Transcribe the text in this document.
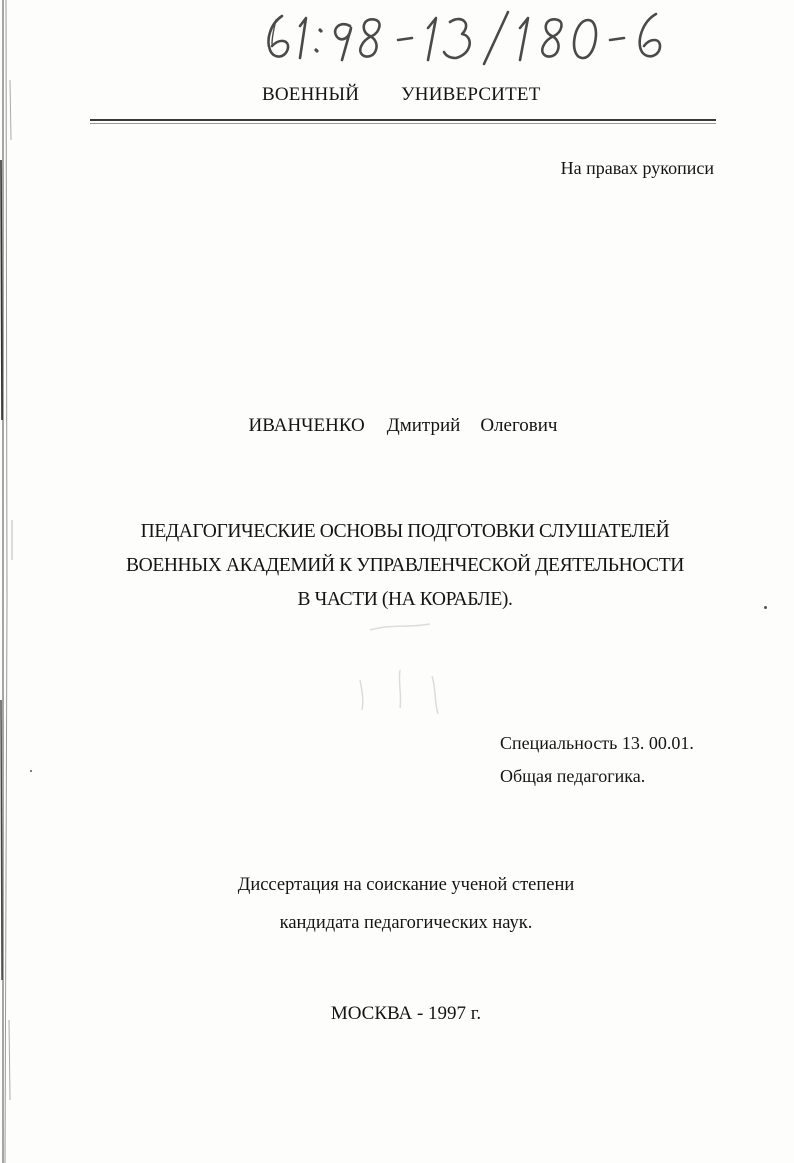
ВОЕННЫЙ УНИВЕРСИТЕТ
На правах рукописи
ИВАНЧЕНКО Дмитрий Олегович
ПЕДАГОГИЧЕСКИЕ ОСНОВЫ ПОДГОТОВКИ СЛУШАТЕЛЕЙ
ВОЕННЫХ АКАДЕМИЙ К УПРАВЛЕНЧЕСКОЙ ДЕЯТЕЛЬНОСТИ
В ЧАСТИ (НА КОРАБЛЕ).
Специальность 13. 00.01.
Общая педагогика.
Диссертация на соискание ученой степени
кандидата педагогических наук.
МОСКВА - 1997 г.
